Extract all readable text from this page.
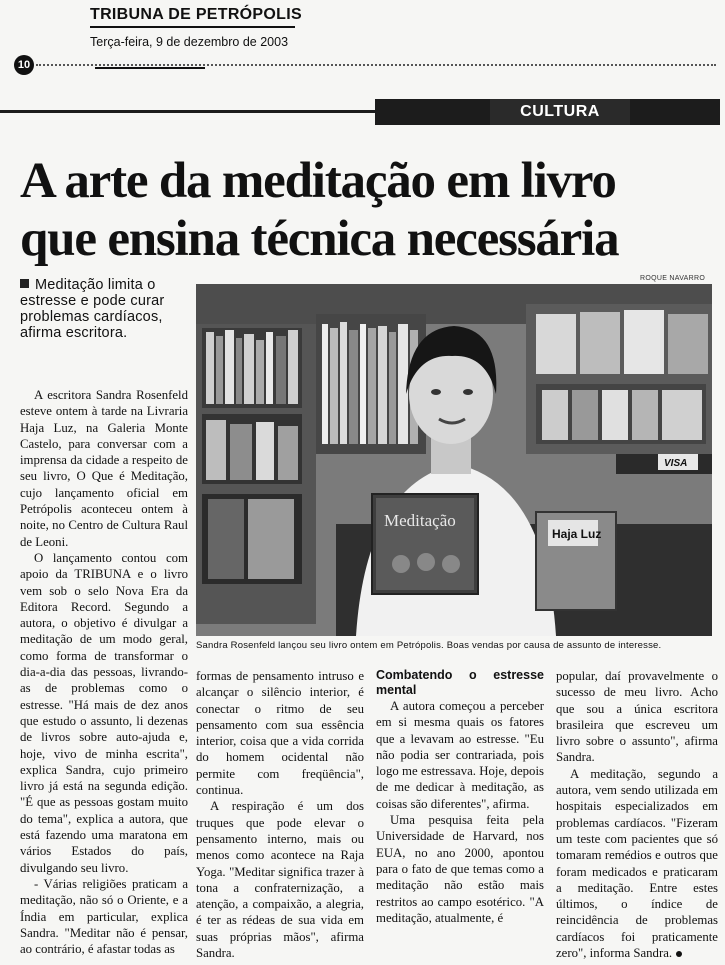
TRIBUNA DE PETRÓPOLIS
Terça-feira, 9 de dezembro de 2003
10
CULTURA
A arte da meditação em livro
que ensina técnica necessária
Meditação limita o estresse e pode curar problemas cardíacos, afirma escritora.
ROQUE NAVARRO
VISA
Meditação
Haja Luz
Sandra Rosenfeld lançou seu livro ontem em Petrópolis. Boas vendas por causa de assunto de interesse.

A escritora Sandra Rosenfeld esteve ontem à tarde na Livraria Haja Luz, na Galeria Monte Castelo, para conversar com a imprensa da cidade a respeito de seu livro, O Que é Meditação, cujo lançamento oficial em Petrópolis aconteceu ontem à noite, no Centro de Cultura Raul de Leoni.

O lançamento contou com apoio da TRIBUNA e o livro vem sob o selo Nova Era da Editora Record. Segundo a autora, o objetivo é divulgar a meditação de um modo geral, como forma de transformar o dia-a-dia das pessoas, livrando-as de problemas como o estresse. "Há mais de dez anos que estudo o assunto, li dezenas de livros sobre auto-ajuda e, hoje, vivo de minha escrita", explica Sandra, cujo primeiro livro já está na segunda edição. "É que as pessoas gostam muito do tema", explica a autora, que está fazendo uma maratona em vários Estados do país, divulgando seu livro.

- Várias religiões praticam a meditação, não só o Oriente, e a Índia em particular, explica Sandra. "Meditar não é pensar, ao contrário, é afastar todas as

formas de pensamento intruso e alcançar o silêncio interior, é conectar o ritmo de seu pensamento com sua essência interior, coisa que a vida corrida do homem ocidental não permite com freqüência", continua.

A respiração é um dos truques que pode elevar o pensamento interno, mais ou menos como acontece na Raja Yoga. "Meditar significa trazer à tona a confraternização, a atenção, a compaixão, a alegria, é ter as rédeas de sua vida em suas próprias mãos", afirma Sandra.

Combatendo o estresse mental

A autora começou a perceber em si mesma quais os fatores que a levavam ao estresse. "Eu não podia ser contrariada, pois logo me estressava. Hoje, depois de me dedicar à meditação, as coisas são diferentes", afirma.

Uma pesquisa feita pela Universidade de Harvard, nos EUA, no ano 2000, apontou para o fato de que temas como a meditação não estão mais restritos ao campo esotérico. "A meditação, atualmente, é

popular, daí provavelmente o sucesso de meu livro. Acho que sou a única escritora brasileira que escreveu um livro sobre o assunto", afirma Sandra.

A meditação, segundo a autora, vem sendo utilizada em hospitais especializados em problemas cardíacos. "Fizeram um teste com pacientes que só tomaram remédios e outros que foram medicados e praticaram a meditação. Entre estes últimos, o índice de reincidência de problemas cardíacos foi praticamente zero", informa Sandra.
